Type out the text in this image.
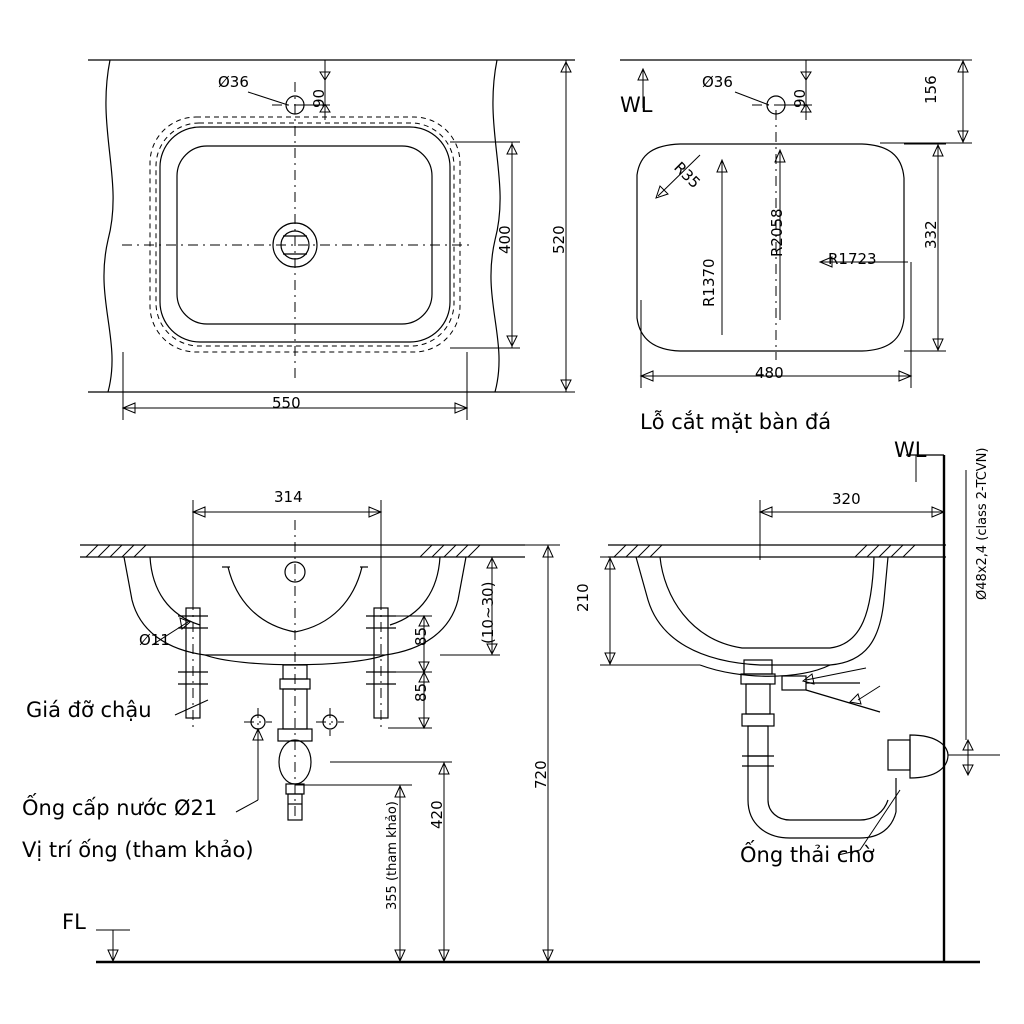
Ø36
90
400 520
550
WL
Ø36
90	156
332
480
R35
R2058
R1370	R1723
Lỗ cắt mặt bàn đá
314
Ø11	85
85
(10~30)
720
420
355 (tham khảo)
Giá đỡ chậu
Ống cấp nước Ø21
Vị trí ống (tham khảo)
FL
WL
320
210	Ø48x2,4 (class 2-TCVN)
Ống thải chờ
